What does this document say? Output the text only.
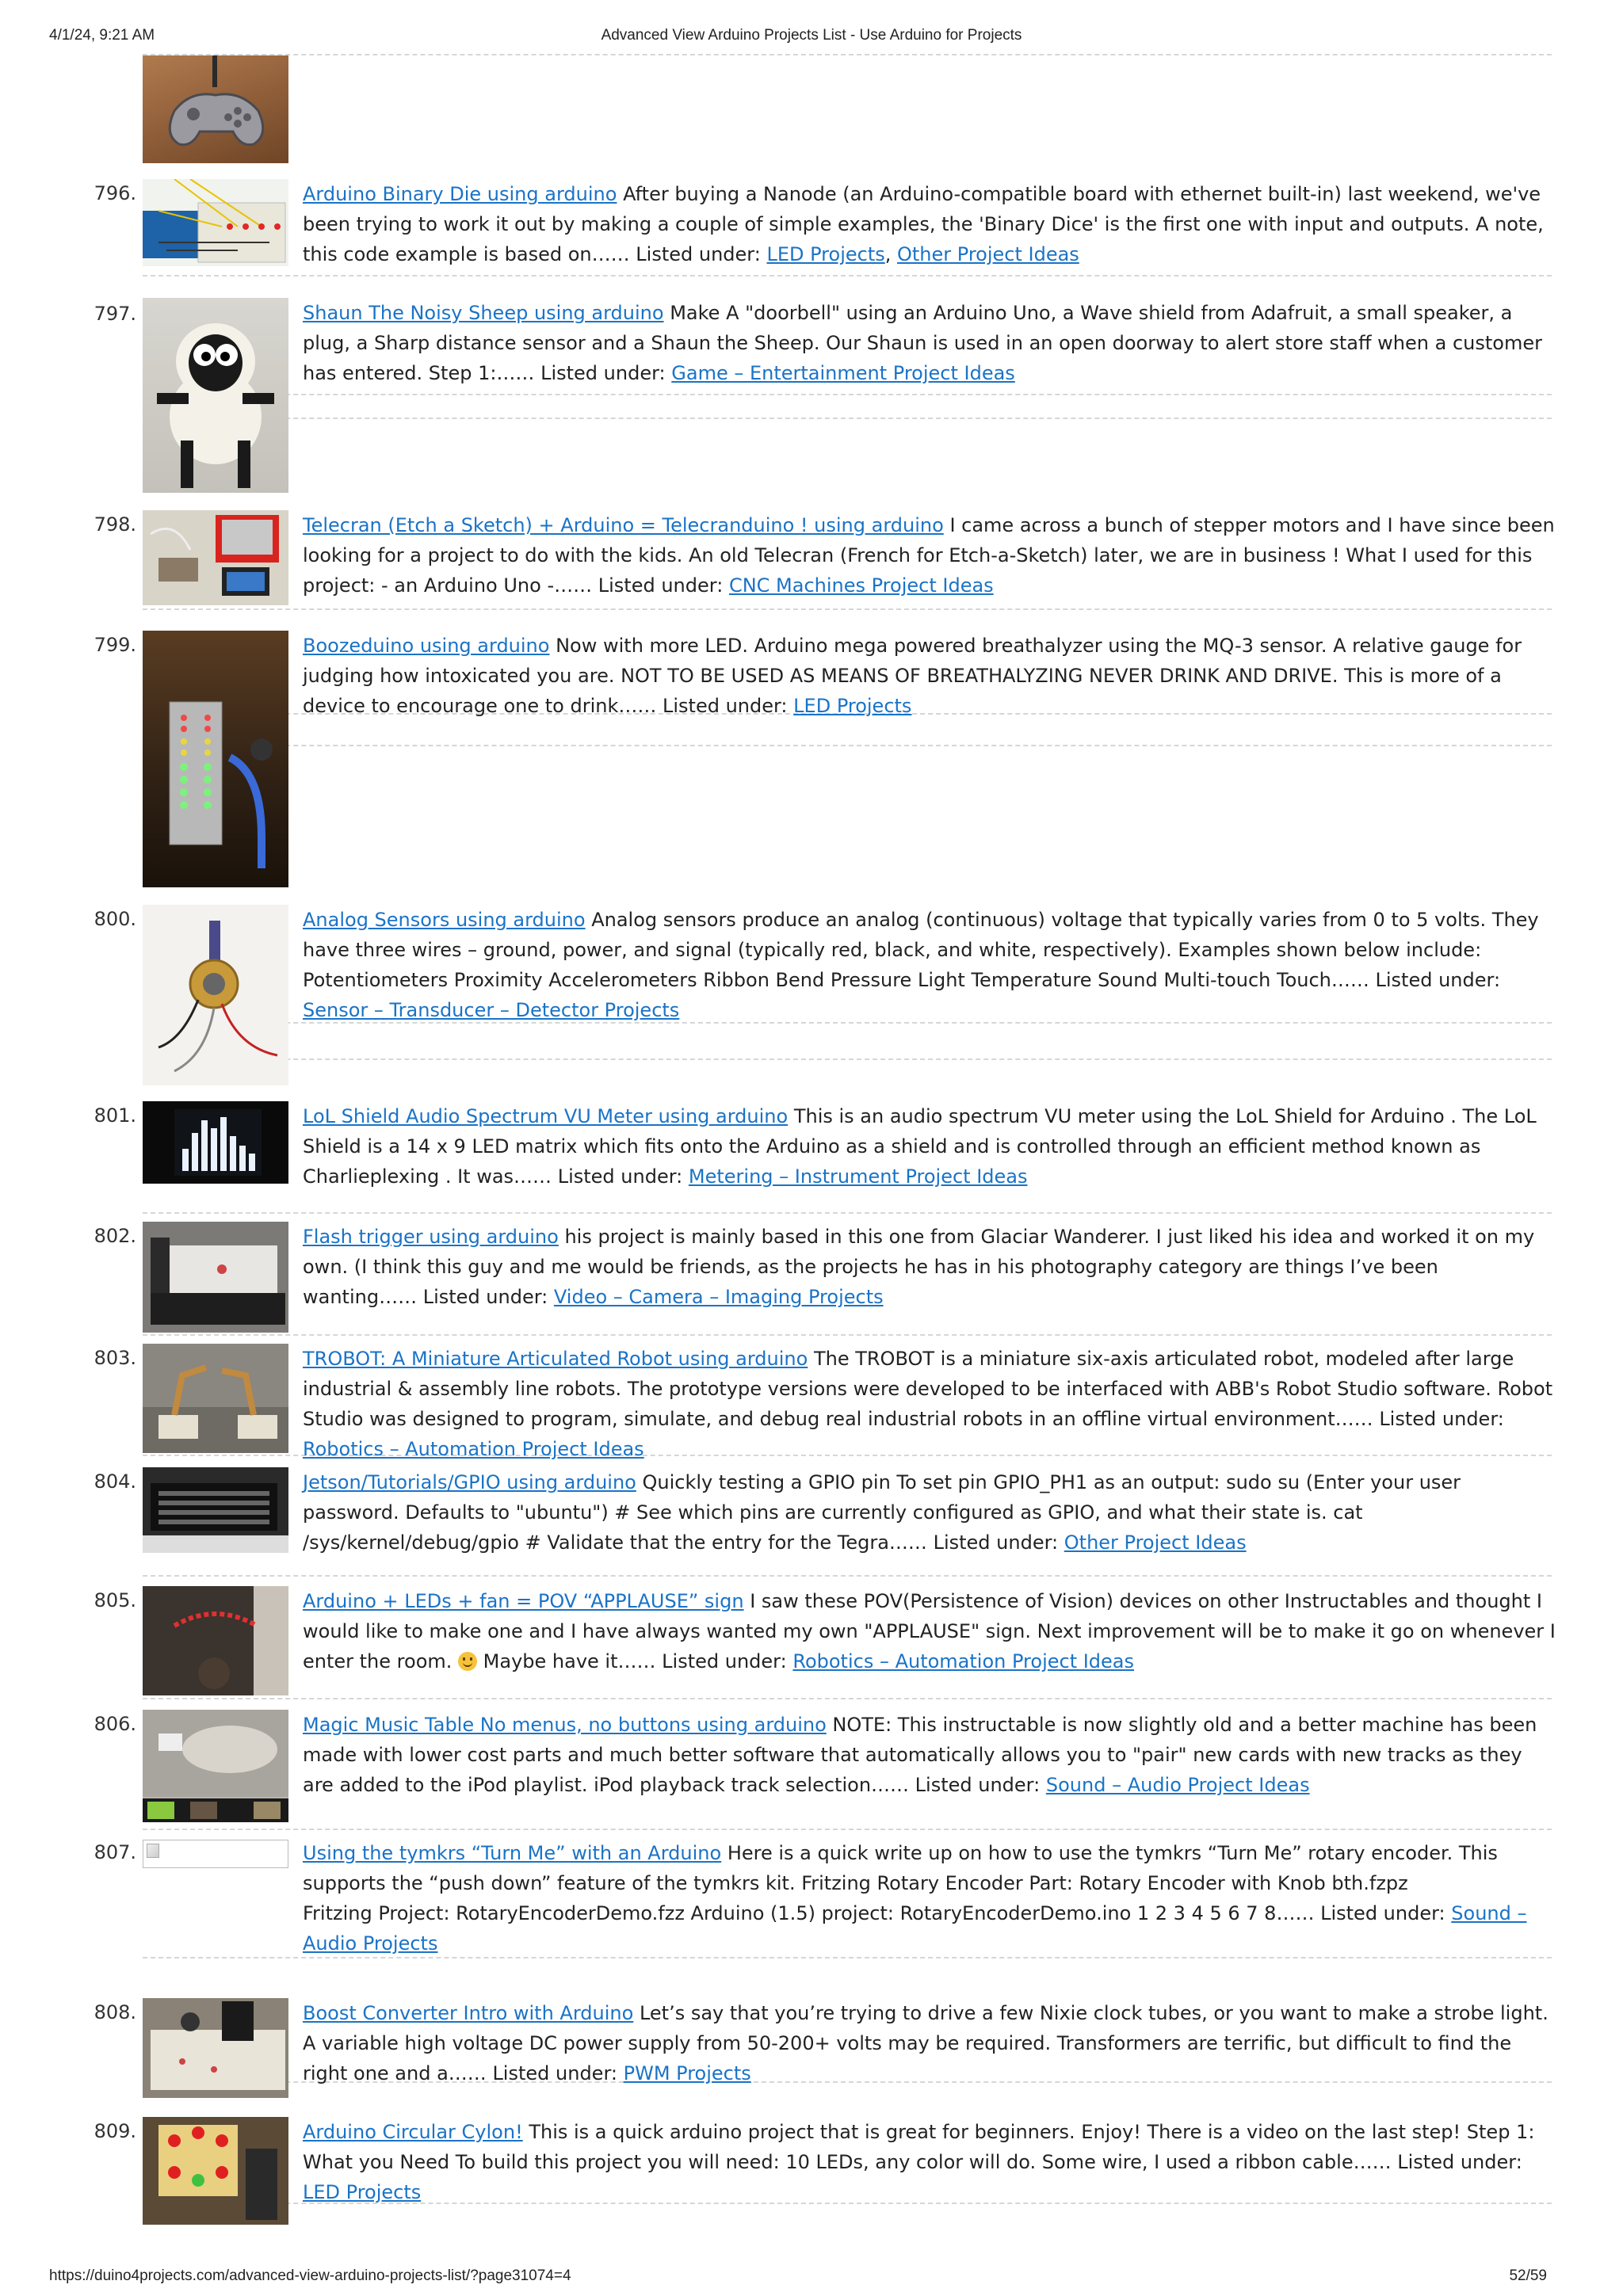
Advanced View Arduino Projects List - Use Arduino for Projects
4/1/24, 9:21 AM
https://duino4projects.com/advanced-view-arduino-projects-list/?page31074=4	52/59
796.	Arduino Binary Die using arduino After buying a Nanode (an Arduino-compatible board with ethernet built-in) last weekend, we've been trying to work it out by making a couple of simple examples, the 'Binary Dice' is the first one with input and outputs. A note, this code example is based on…… Listed under: LED Projects, Other Project Ideas
797.	Shaun The Noisy Sheep using arduino Make A "doorbell" using an Arduino Uno, a Wave shield from Adafruit, a small speaker, a plug, a Sharp distance sensor and a Shaun the Sheep. Our Shaun is used in an open doorway to alert store staff when a customer has entered. Step 1:…… Listed under: Game – Entertainment Project Ideas
798.	Telecran (Etch a Sketch) + Arduino = Telecranduino ! using arduino I came across a bunch of stepper motors and I have since been looking for a project to do with the kids. An old Telecran (French for Etch-a-Sketch) later, we are in business ! What I used for this project: - an Arduino Uno -…… Listed under: CNC Machines Project Ideas
799.	Boozeduino using arduino Now with more LED. Arduino mega powered breathalyzer using the MQ-3 sensor. A relative gauge for judging how intoxicated you are. NOT TO BE USED AS MEANS OF BREATHALYZING NEVER DRINK AND DRIVE. This is more of a device to encourage one to drink…… Listed under: LED Projects
800.	Analog Sensors using arduino Analog sensors produce an analog (continuous) voltage that typically varies from 0 to 5 volts. They have three wires – ground, power, and signal (typically red, black, and white, respectively). Examples shown below include: Potentiometers Proximity Accelerometers Ribbon Bend Pressure Light Temperature Sound Multi-touch Touch…… Listed under: Sensor – Transducer – Detector Projects
801.	LoL Shield Audio Spectrum VU Meter using arduino This is an audio spectrum VU meter using the LoL Shield for Arduino . The LoL Shield is a 14 x 9 LED matrix which fits onto the Arduino as a shield and is controlled through an efficient method known as Charlieplexing . It was…… Listed under: Metering – Instrument Project Ideas
802.	Flash trigger using arduino his project is mainly based in this one from Glaciar Wanderer. I just liked his idea and worked it on my own. (I think this guy and me would be friends, as the projects he has in his photography category are things I’ve been wanting…… Listed under: Video – Camera – Imaging Projects
803.	TROBOT: A Miniature Articulated Robot using arduino The TROBOT is a miniature six-axis articulated robot, modeled after large industrial & assembly line robots. The prototype versions were developed to be interfaced with ABB's Robot Studio software. Robot Studio was designed to program, simulate, and debug real industrial robots in an offline virtual environment…… Listed under: Robotics – Automation Project Ideas
804.	Jetson/Tutorials/GPIO using arduino Quickly testing a GPIO pin To set pin GPIO_PH1 as an output: sudo su (Enter your user password. Defaults to "ubuntu") # See which pins are currently configured as GPIO, and what their state is. cat /sys/kernel/debug/gpio # Validate that the entry for the Tegra…… Listed under: Other Project Ideas
805.	Arduino + LEDs + fan = POV “APPLAUSE” sign I saw these POV(Persistence of Vision) devices on other Instructables and thought I would like to make one and I have always wanted my own "APPLAUSE" sign. Next improvement will be to make it go on whenever I enter the room. Maybe have it…… Listed under: Robotics – Automation Project Ideas
806.	Magic Music Table No menus, no buttons using arduino NOTE: This instructable is now slightly old and a better machine has been made with lower cost parts and much better software that automatically allows you to "pair" new cards with new tracks as they are added to the iPod playlist. iPod playback track selection…… Listed under: Sound – Audio Project Ideas
807.	Using the tymkrs “Turn Me” with an Arduino Here is a quick write up on how to use the tymkrs “Turn Me” rotary encoder. This supports the “push down” feature of the tymkrs kit. Fritzing Rotary Encoder Part: Rotary Encoder with Knob bth.fzpz
Fritzing Project: RotaryEncoderDemo.fzz Arduino (1.5) project: RotaryEncoderDemo.ino 1 2 3 4 5 6 7 8…… Listed under: Sound – Audio Projects
808.	Boost Converter Intro with Arduino Let’s say that you’re trying to drive a few Nixie clock tubes, or you want to make a strobe light. A variable high voltage DC power supply from 50-200+ volts may be required. Transformers are terrific, but difficult to find the right one and a…… Listed under: PWM Projects
809.	Arduino Circular Cylon! This is a quick arduino project that is great for beginners. Enjoy! There is a video on the last step! Step 1: What you Need To build this project you will need: 10 LEDs, any color will do. Some wire, I used a ribbon cable…… Listed under: LED Projects
